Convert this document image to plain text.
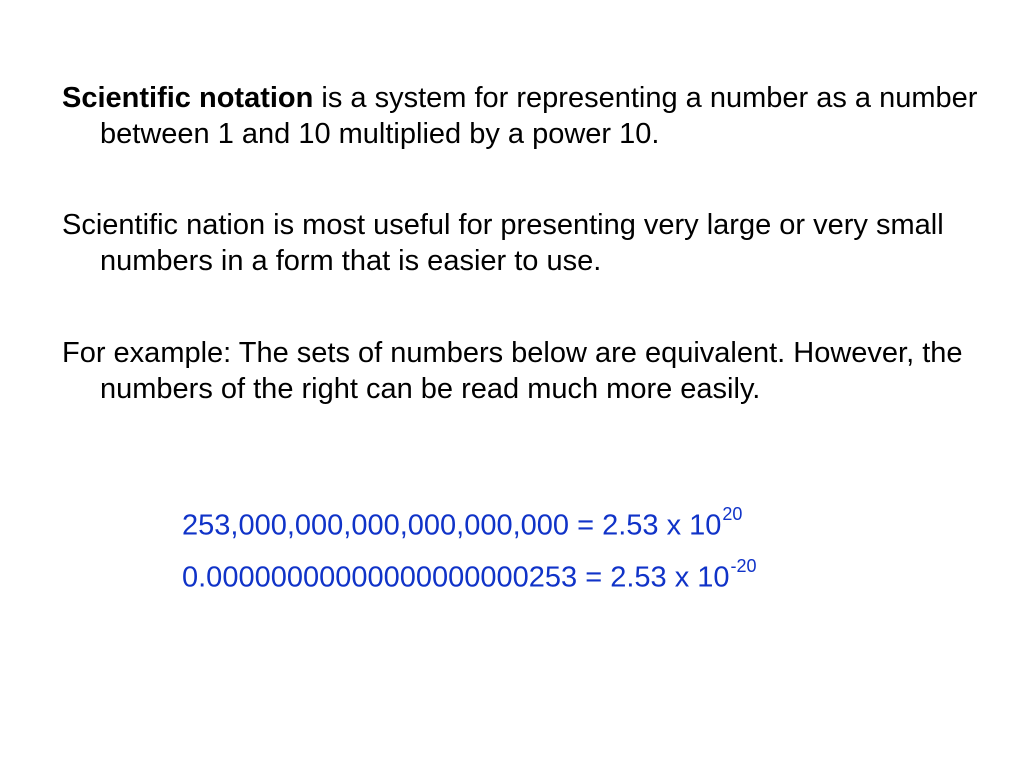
Scientific notation is a system for representing a number as a number between 1 and 10 multiplied by a power 10.

Scientific nation is most useful for presenting very large or very small numbers in a form that is easier to use.

For example: The sets of numbers below are equivalent. However, the numbers of the right can be read much more easily.

253,000,000,000,000,000,000 = 2.53 x $10^{20}$
0.00000000000000000000253 = 2.53 x $10^{-20}$
